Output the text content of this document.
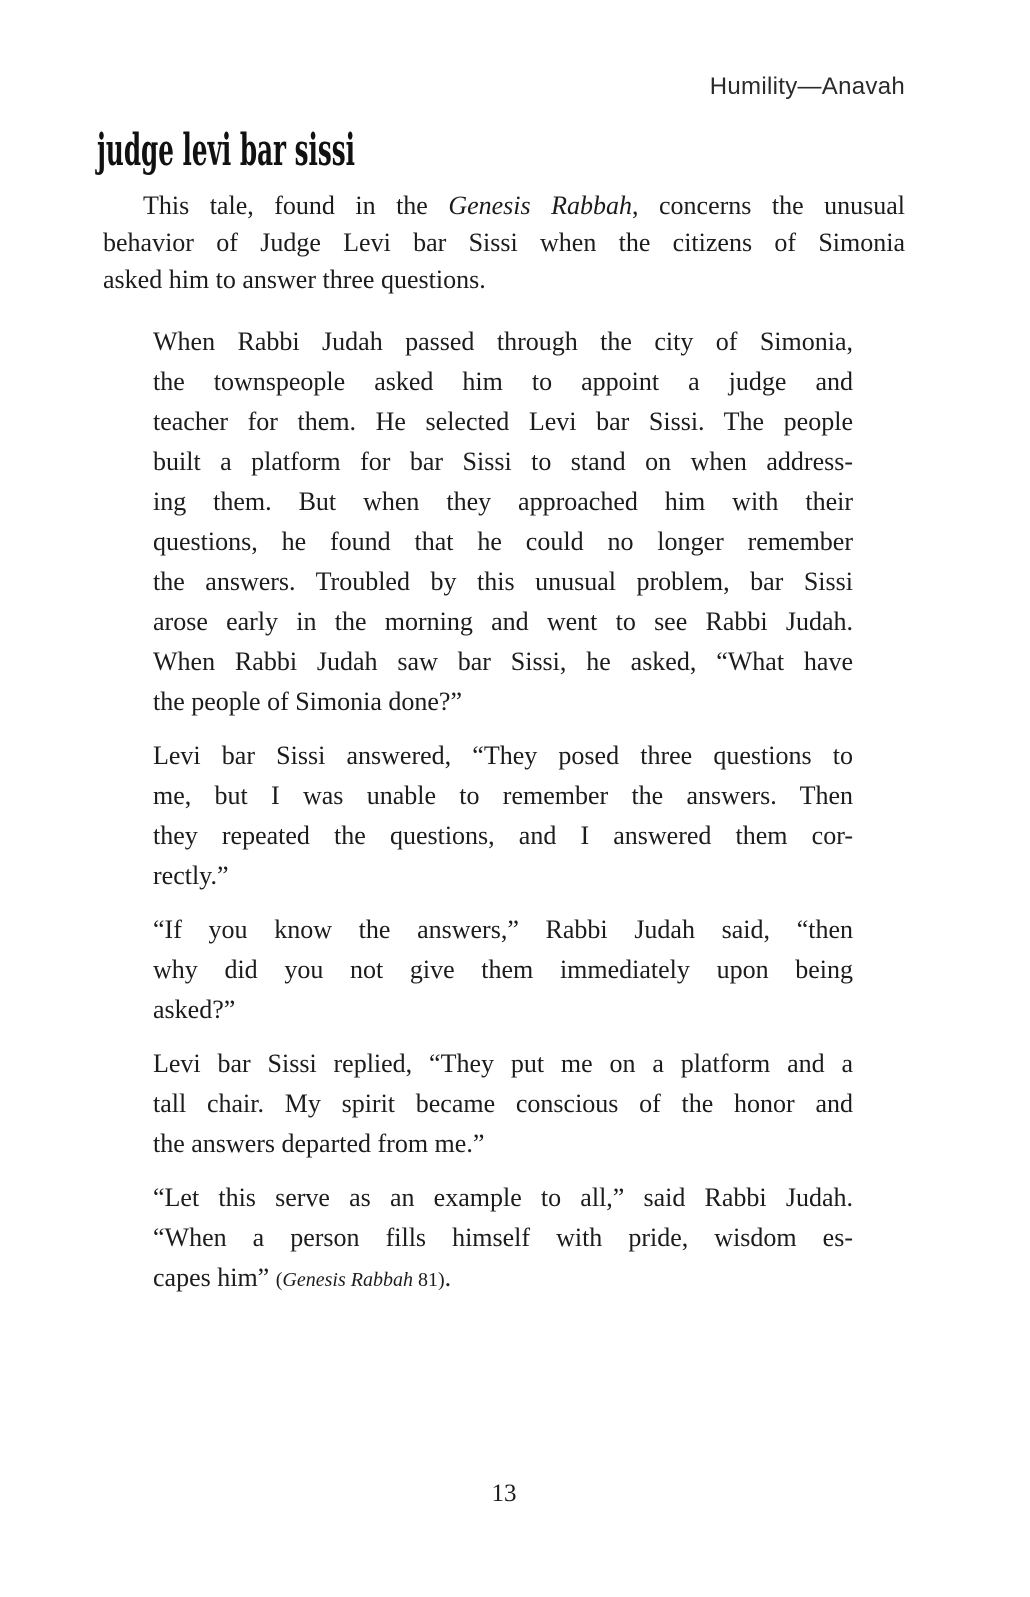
Humility—Anavah
judge levi bar sissi
This tale, found in the Genesis Rabbah, concerns the unusual
behavior of Judge Levi bar Sissi when the citizens of Simonia
asked him to answer three questions.
When Rabbi Judah passed through the city of Simonia,
the townspeople asked him to appoint a judge and
teacher for them. He selected Levi bar Sissi. The people
built a platform for bar Sissi to stand on when address-
ing them. But when they approached him with their
questions, he found that he could no longer remember
the answers. Troubled by this unusual problem, bar Sissi
arose early in the morning and went to see Rabbi Judah.
When Rabbi Judah saw bar Sissi, he asked, “What have
the people of Simonia done?”
Levi bar Sissi answered, “They posed three questions to
me, but I was unable to remember the answers. Then
they repeated the questions, and I answered them cor-
rectly.”
“If you know the answers,” Rabbi Judah said, “then
why did you not give them immediately upon being
asked?”
Levi bar Sissi replied, “They put me on a platform and a
tall chair. My spirit became conscious of the honor and
the answers departed from me.”
“Let this serve as an example to all,” said Rabbi Judah.
“When a person fills himself with pride, wisdom es-
capes him” (Genesis Rabbah 81).
13
